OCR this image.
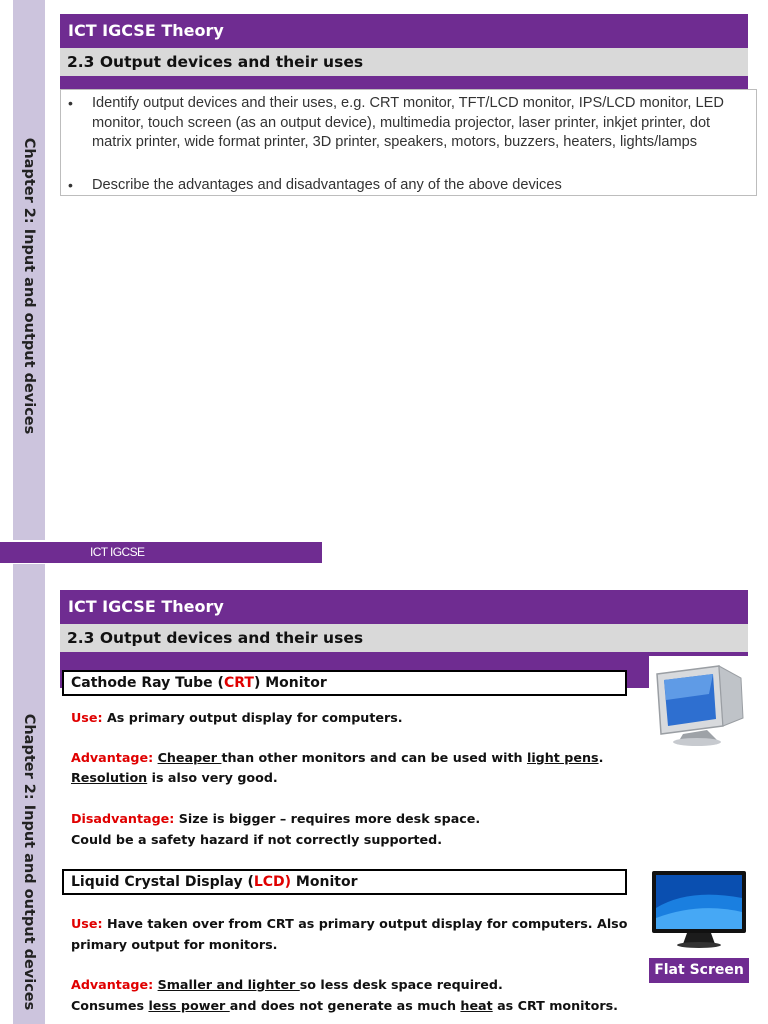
Chapter 2: Input and output devices
ICT IGCSE Theory
2.3 Output devices and their uses
• Identify output devices and their uses, e.g. CRT monitor, TFT/LCD monitor, IPS/LCD monitor, LED monitor, touch screen (as an output device), multimedia projector, laser printer, inkjet printer, dot matrix printer, wide format printer, 3D printer, speakers, motors, buzzers, heaters, lights/lamps
• Describe the advantages and disadvantages of any of the above devices
ICT IGCSE
Chapter 2: Input and output devices
ICT IGCSE Theory
2.3 Output devices and their uses
Cathode Ray Tube (CRT) Monitor
Use: As primary output display for computers.
Advantage: Cheaper than other monitors and can be used with light pens.
Resolution is also very good.
Disadvantage: Size is bigger – requires more desk space.
Could be a safety hazard if not correctly supported.
Liquid Crystal Display (LCD) Monitor
Flat Screen
Use: Have taken over from CRT as primary output display for computers. Also
primary output for monitors.
Advantage: Smaller and lighter so less desk space required.
Consumes less power and does not generate as much heat as CRT monitors.
